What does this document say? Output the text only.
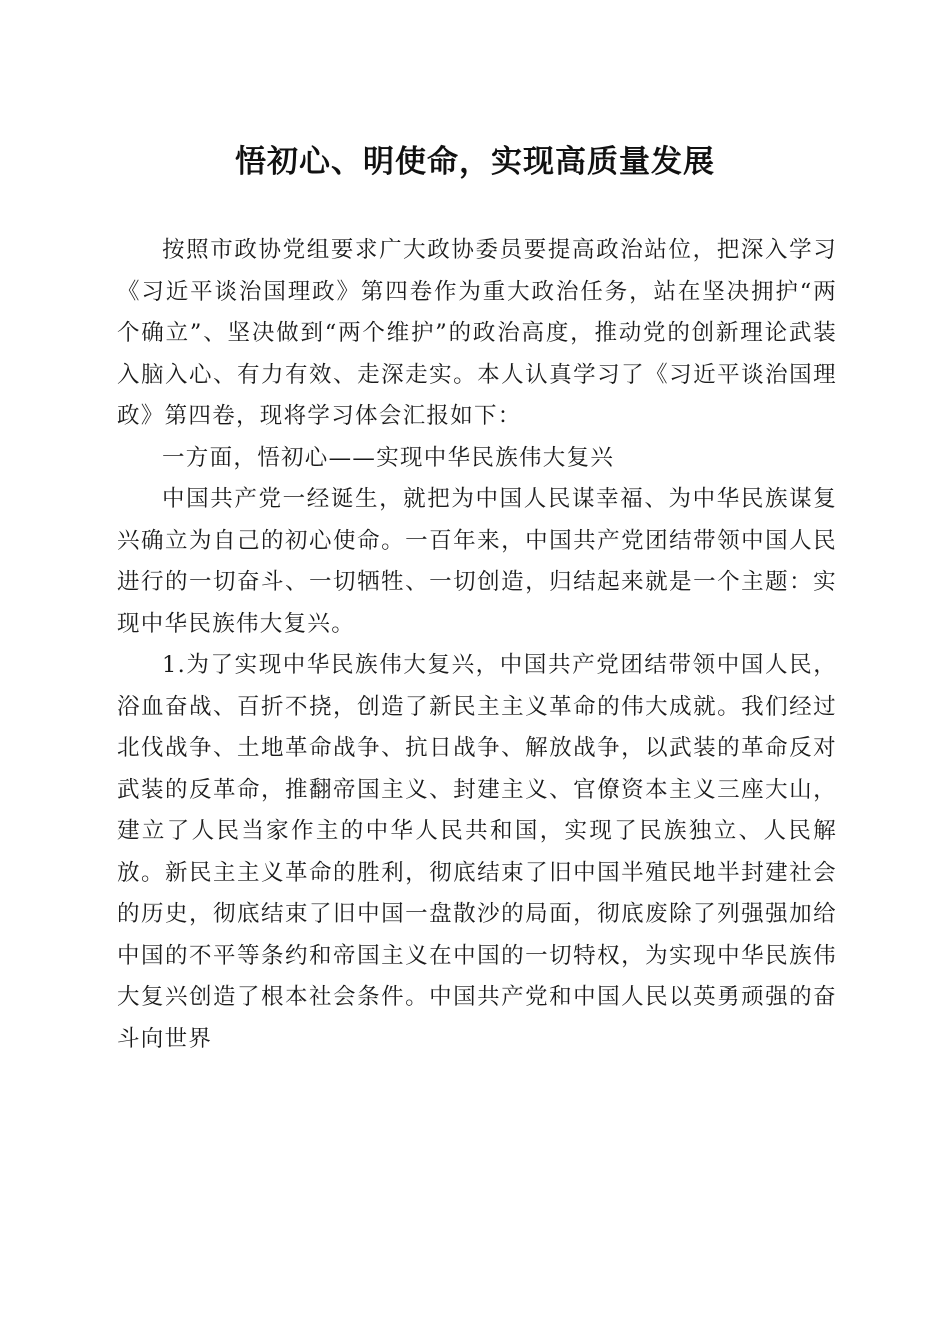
悟初心、明使命，实现高质量发展

按照市政协党组要求广大政协委员要提高政治站位，把深入学习《习近平谈治国理政》第四卷作为重大政治任务，站在坚决拥护“两个确立”、坚决做到“两个维护”的政治高度，推动党的创新理论武装入脑入心、有力有效、走深走实。本人认真学习了《习近平谈治国理政》第四卷，现将学习体会汇报如下：

一方面，悟初心——实现中华民族伟大复兴

中国共产党一经诞生，就把为中国人民谋幸福、为中华民族谋复兴确立为自己的初心使命。一百年来，中国共产党团结带领中国人民进行的一切奋斗、一切牺牲、一切创造，归结起来就是一个主题：实现中华民族伟大复兴。

1.为了实现中华民族伟大复兴，中国共产党团结带领中国人民，浴血奋战、百折不挠，创造了新民主主义革命的伟大成就。我们经过北伐战争、土地革命战争、抗日战争、解放战争，以武装的革命反对武装的反革命，推翻帝国主义、封建主义、官僚资本主义三座大山，建立了人民当家作主的中华人民共和国，实现了民族独立、人民解放。新民主主义革命的胜利，彻底结束了旧中国半殖民地半封建社会的历史，彻底结束了旧中国一盘散沙的局面，彻底废除了列强强加给中国的不平等条约和帝国主义在中国的一切特权，为实现中华民族伟大复兴创造了根本社会条件。中国共产党和中国人民以英勇顽强的奋斗向世界
